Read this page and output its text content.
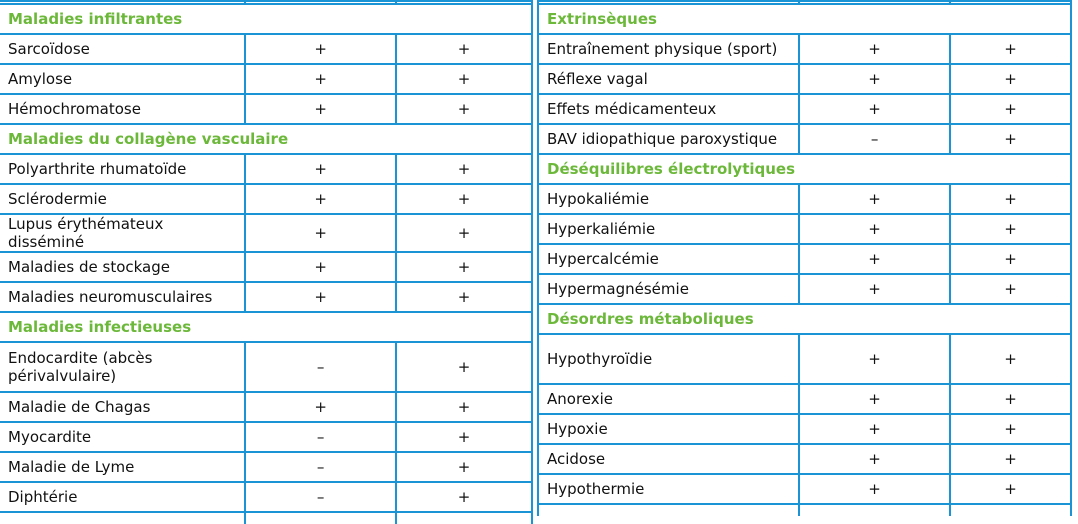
Maladies infiltrantes		
Sarcoïdose	+	+
Amylose	+	+
Hémochromatose	+	+
Maladies du collagène vasculaire		
Polyarthrite rhumatoïde	+	+
Sclérodermie	+	+
Lupus érythémateux disséminé	+	+
Maladies de stockage	+	+
Maladies neuromusculaires	+	+
Maladies infectieuses		
Endocardite (abcès périvalvulaire)	–	+
Maladie de Chagas	+	+
Myocardite	–	+
Maladie de Lyme	–	+
Diphtérie	–	+

Extrinsèques		
Entraînement physique (sport)	+	+
Réflexe vagal	+	+
Effets médicamenteux	+	+
BAV idiopathique paroxystique	–	+
Déséquilibres électrolytiques		
Hypokaliémie	+	+
Hyperkaliémie	+	+
Hypercalcémie	+	+
Hypermagnésémie	+	+
Désordres métaboliques		
Hypothyroïdie	+	+
Anorexie	+	+
Hypoxie	+	+
Acidose	+	+
Hypothermie	+	+
